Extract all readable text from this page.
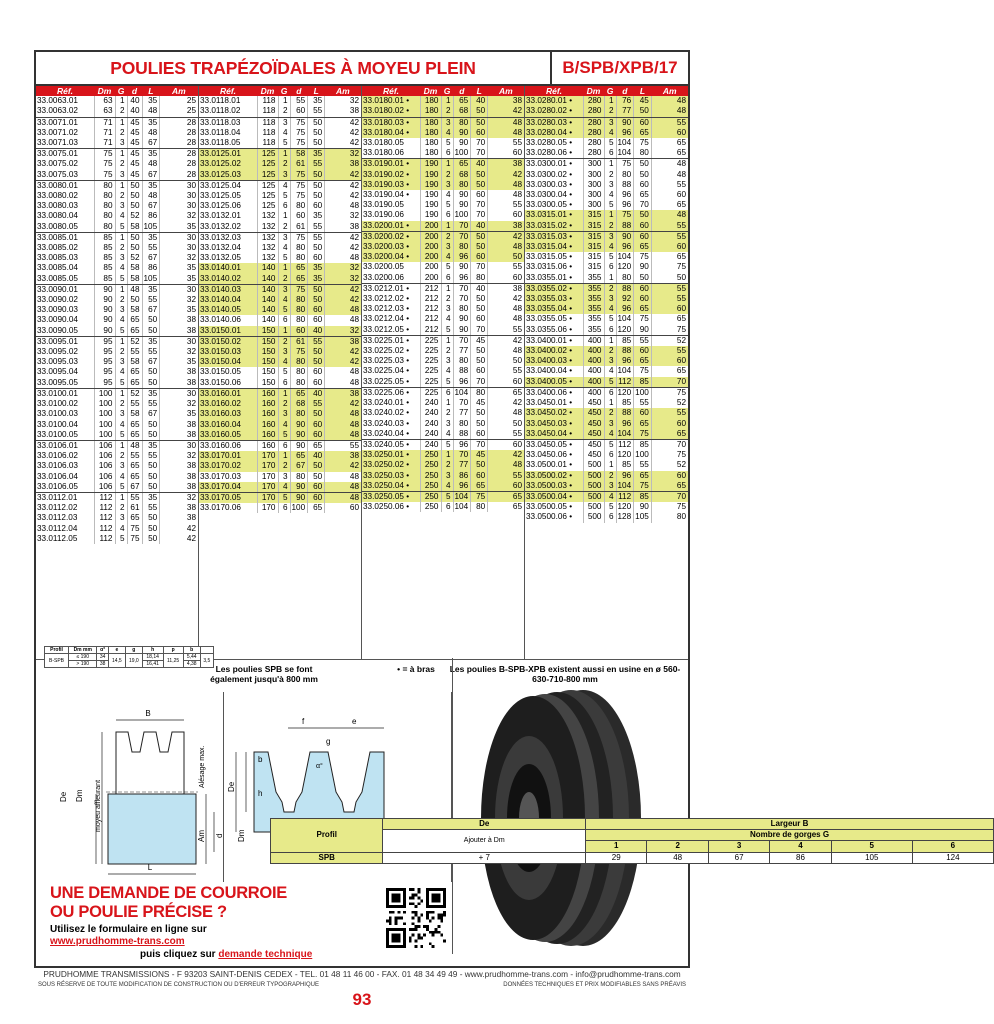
POULIES TRAPÉZOÏDALES À MOYEU PLEIN	B/SPB/XPB/17
Réf.	Dm	G	d	L	Am
33.0063.01	63	1	40	35	25
33.0063.02	63	2	40	48	25
33.0071.01	71	1	45	35	28
33.0071.02	71	2	45	48	28
33.0071.03	71	3	45	67	28
33.0075.01	75	1	45	35	28
33.0075.02	75	2	45	48	28
33.0075.03	75	3	45	67	28
33.0080.01	80	1	50	35	30
33.0080.02	80	2	50	48	30
33.0080.03	80	3	50	67	30
33.0080.04	80	4	52	86	32
33.0080.05	80	5	58	105	35
33.0085.01	85	1	50	35	30
33.0085.02	85	2	50	55	30
33.0085.03	85	3	52	67	32
33.0085.04	85	4	58	86	35
33.0085.05	85	5	58	105	35
33.0090.01	90	1	48	35	30
33.0090.02	90	2	50	55	32
33.0090.03	90	3	58	67	35
33.0090.04	90	4	65	50	38
33.0090.05	90	5	65	50	38
33.0095.01	95	1	52	35	30
33.0095.02	95	2	55	55	32
33.0095.03	95	3	58	67	35
33.0095.04	95	4	65	50	38
33.0095.05	95	5	65	50	38
33.0100.01	100	1	52	35	30
33.0100.02	100	2	55	55	32
33.0100.03	100	3	58	67	35
33.0100.04	100	4	65	50	38
33.0100.05	100	5	65	50	38
33.0106.01	106	1	48	35	30
33.0106.02	106	2	55	55	32
33.0106.03	106	3	65	50	38
33.0106.04	106	4	65	50	38
33.0106.05	106	5	67	50	38
33.0112.01	112	1	55	35	32
33.0112.02	112	2	61	55	38
33.0112.03	112	3	65	50	38
33.0112.04	112	4	75	50	42
33.0112.05	112	5	75	50	42
Réf.	Dm	G	d	L	Am
33.0118.01	118	1	55	35	32
33.0118.02	118	2	60	55	38
33.0118.03	118	3	75	50	42
33.0118.04	118	4	75	50	42
33.0118.05	118	5	75	50	42
33.0125.01	125	1	58	35	32
33.0125.02	125	2	61	55	38
33.0125.03	125	3	75	50	42
33.0125.04	125	4	75	50	42
33.0125.05	125	5	75	50	42
33.0125.06	125	6	80	60	48
33.0132.01	132	1	60	35	32
33.0132.02	132	2	61	55	38
33.0132.03	132	3	75	55	42
33.0132.04	132	4	80	50	42
33.0132.05	132	5	80	60	48
33.0140.01	140	1	65	35	32
33.0140.02	140	2	65	35	32
33.0140.03	140	3	75	50	42
33.0140.04	140	4	80	50	42
33.0140.05	140	5	80	60	48
33.0140.06	140	6	80	60	48
33.0150.01	150	1	60	40	32
33.0150.02	150	2	61	55	38
33.0150.03	150	3	75	50	42
33.0150.04	150	4	80	50	42
33.0150.05	150	5	80	60	48
33.0150.06	150	6	80	60	48
33.0160.01	160	1	65	40	38
33.0160.02	160	2	68	55	42
33.0160.03	160	3	80	50	48
33.0160.04	160	4	90	60	48
33.0160.05	160	5	90	60	48
33.0160.06	160	6	90	65	55
33.0170.01	170	1	65	40	38
33.0170.02	170	2	67	50	42
33.0170.03	170	3	80	50	48
33.0170.04	170	4	90	60	48
33.0170.05	170	5	90	60	48
33.0170.06	170	6	100	65	60
Réf.	Dm	G	d	L	Am
33.0180.01 •	180	1	65	40	38
33.0180.02 •	180	2	68	50	42
33.0180.03 •	180	3	80	50	48
33.0180.04 •	180	4	90	60	48
33.0180.05	180	5	90	70	55
33.0180.06	180	6	100	70	60
33.0190.01 •	190	1	65	40	38
33.0190.02 •	190	2	68	50	42
33.0190.03 •	190	3	80	50	48
33.0190.04 •	190	4	90	60	48
33.0190.05	190	5	90	70	55
33.0190.06	190	6	100	70	60
33.0200.01 •	200	1	70	40	38
33.0200.02 •	200	2	70	50	42
33.0200.03 •	200	3	80	50	48
33.0200.04 •	200	4	96	60	50
33.0200.05	200	5	90	70	55
33.0200.06	200	6	96	80	60
33.0212.01 •	212	1	70	40	38
33.0212.02 •	212	2	70	50	42
33.0212.03 •	212	3	80	50	48
33.0212.04 •	212	4	90	60	48
33.0212.05 •	212	5	90	70	55
33.0225.01 •	225	1	70	45	42
33.0225.02 •	225	2	77	50	48
33.0225.03 •	225	3	80	50	50
33.0225.04 •	225	4	88	60	55
33.0225.05 •	225	5	96	70	60
33.0225.06 •	225	6	104	80	65
33.0240.01 •	240	1	70	45	42
33.0240.02 •	240	2	77	50	48
33.0240.03 •	240	3	80	50	50
33.0240.04 •	240	4	88	60	55
33.0240.05 •	240	5	96	70	60
33.0250.01 •	250	1	70	45	42
33.0250.02 •	250	2	77	50	48
33.0250.03 •	250	3	86	60	55
33.0250.04 •	250	4	96	65	60
33.0250.05 •	250	5	104	75	65
33.0250.06 •	250	6	104	80	65
Réf.	Dm	G	d	L	Am
33.0280.01 •	280	1	76	45	48
33.0280.02 •	280	2	77	50	48
33.0280.03 •	280	3	90	60	55
33.0280.04 •	280	4	96	65	60
33.0280.05 •	280	5	104	75	65
33.0280.06 •	280	6	104	80	65
33.0300.01 •	300	1	75	50	48
33.0300.02 •	300	2	80	50	48
33.0300.03 •	300	3	88	60	55
33.0300.04 •	300	4	96	65	60
33.0300.05 •	300	5	96	70	65
33.0315.01 •	315	1	75	50	48
33.0315.02 •	315	2	88	60	55
33.0315.03 •	315	3	90	60	55
33.0315.04 •	315	4	96	65	60
33.0315.05 •	315	5	104	75	65
33.0315.06 •	315	6	120	90	75
33.0355.01 •	355	1	80	50	50
33.0355.02 •	355	2	88	60	55
33.0355.03 •	355	3	92	60	55
33.0355.04 •	355	4	96	65	60
33.0355.05 •	355	5	104	75	65
33.0355.06 •	355	6	120	90	75
33.0400.01 •	400	1	85	55	52
33.0400.02 •	400	2	88	60	55
33.0400.03 •	400	3	96	65	60
33.0400.04 •	400	4	104	75	65
33.0400.05 •	400	5	112	85	70
33.0400.06 •	400	6	120	100	75
33.0450.01 •	450	1	85	55	52
33.0450.02 •	450	2	88	60	55
33.0450.03 •	450	3	96	65	60
33.0450.04 •	450	4	104	75	65
33.0450.05 •	450	5	112	85	70
33.0450.06 •	450	6	120	100	75
33.0500.01 •	500	1	85	55	52
33.0500.02 •	500	2	96	65	60
33.0500.03 •	500	3	104	75	65
33.0500.04 •	500	4	112	85	70
33.0500.05 •	500	5	120	90	75
33.0500.06 •	500	6	128	105	80
Les poulies SPB se font également jusqu'à 800 mm
• = à bras	Les poulies B-SPB-XPB existent aussi en usine en ø 560-630-710-800 mm
Profil	Dm mm	α°	e	g	h	p	b	
B-SPB	≤ 190	34	14,5	19,0	18,14	11,25	5,44	3,5
	> 190	38			16,41		4,38	
B
De Dm moyeu affleurant
Alésage max.
Am d
L
f	e
g
α°
b
h
De
Dm
UNE DEMANDE DE COURROIE
OU POULIE PRÉCISE ?
Utilisez le formulaire en ligne sur
www.prudhomme-trans.com
puis cliquez sur demande technique
Profil	De	Largeur B					
	Ajouter à Dm	Nombre de gorges G					
		1	2	3	4	5	6
SPB	+ 7	29	48	67	86	105	124
PRUDHOMME TRANSMISSIONS - F 93203 SAINT-DENIS CEDEX - TEL. 01 48 11 46 00 - FAX. 01 48 34 49 49 - www.prudhomme-trans.com - info@prudhomme-trans.com
SOUS RÉSERVE DE TOUTE MODIFICATION DE CONSTRUCTION OU D'ERREUR TYPOGRAPHIQUE	DONNÉES TECHNIQUES ET PRIX MODIFIABLES SANS PRÉAVIS
93
